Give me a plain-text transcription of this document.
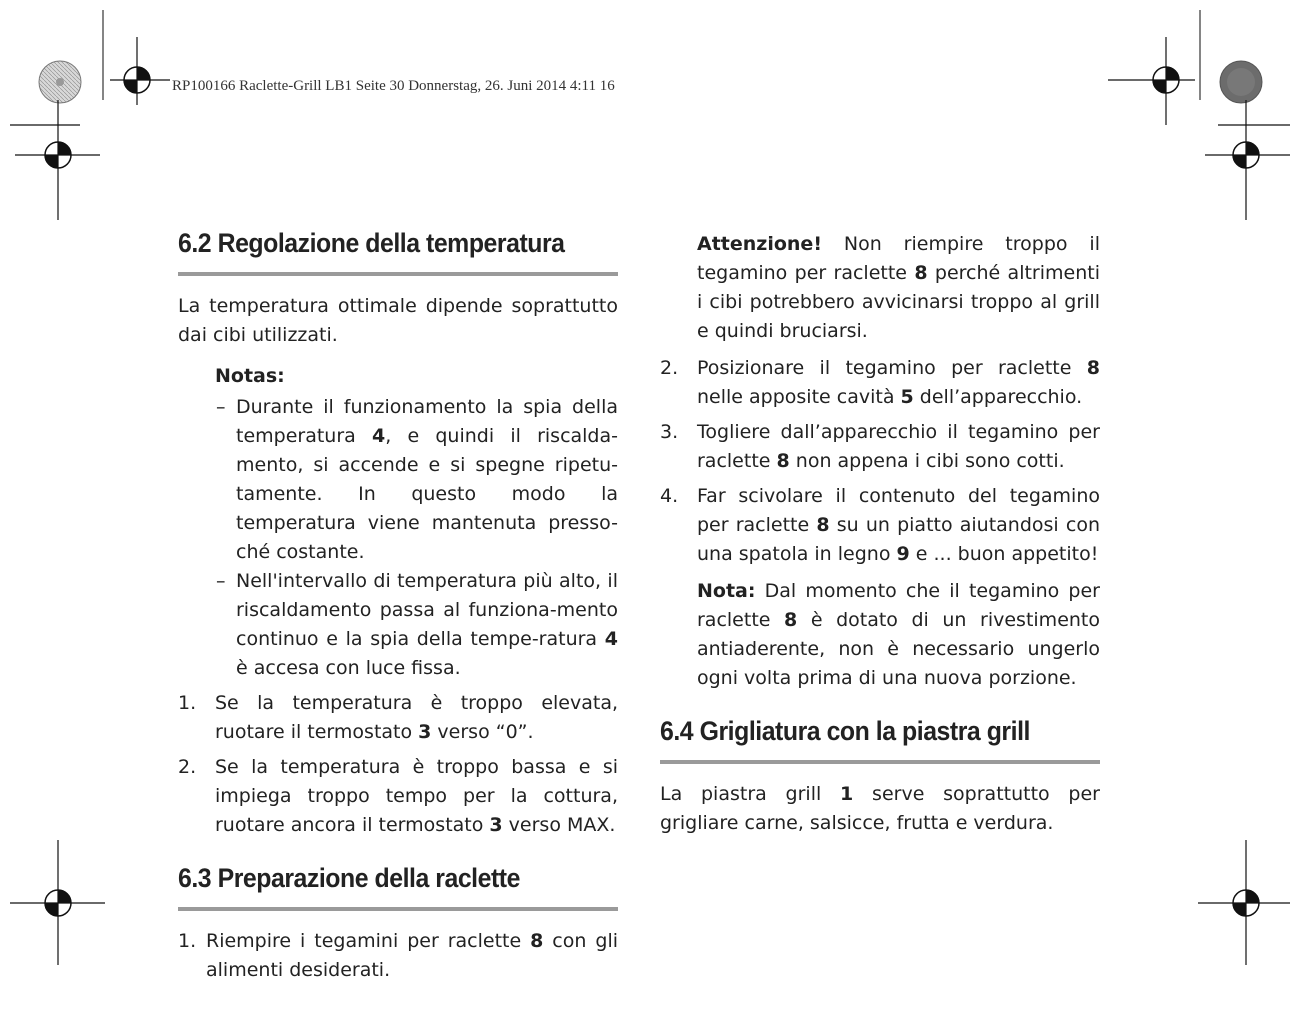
RP100166 Raclette-Grill LB1 Seite 30 Donnerstag, 26. Juni 2014 4:11 16
6.2 Regolazione della temperatura

La temperatura ottimale dipende soprattutto dai cibi utilizzati.

Notas:
– Durante il funzionamento la spia della temperatura 4, e quindi il riscalda-mento, si accende e si spegne ripetu-tamente. In questo modo la temperatura viene mantenuta presso-ché costante.
– Nell'intervallo di temperatura più alto, il riscaldamento passa al funziona-mento continuo e la spia della tempe-ratura 4 è accesa con luce fissa.
1. Se la temperatura è troppo elevata, ruotare il termostato 3 verso “0”.
2. Se la temperatura è troppo bassa e si impiega troppo tempo per la cottura, ruotare ancora il termostato 3 verso MAX.
6.3 Preparazione della raclette
1. Riempire i tegamini per raclette 8 con gli alimenti desiderati.

Attenzione! Non riempire troppo il tegamino per raclette 8 perché altrimenti i cibi potrebbero avvicinarsi troppo al grill e quindi bruciarsi.

2. Posizionare il tegamino per raclette 8 nelle apposite cavità 5 dell’apparecchio.
3. Togliere dall’apparecchio il tegamino per raclette 8 non appena i cibi sono cotti.
4. Far scivolare il contenuto del tegamino per raclette 8 su un piatto aiutandosi con una spatola in legno 9 e ... buon appetito!

Nota: Dal momento che il tegamino per raclette 8 è dotato di un rivestimento antiaderente, non è necessario ungerlo ogni volta prima di una nuova porzione.

6.4 Grigliatura con la piastra grill

La piastra grill 1 serve soprattutto per grigliare carne, salsicce, frutta e verdura.
